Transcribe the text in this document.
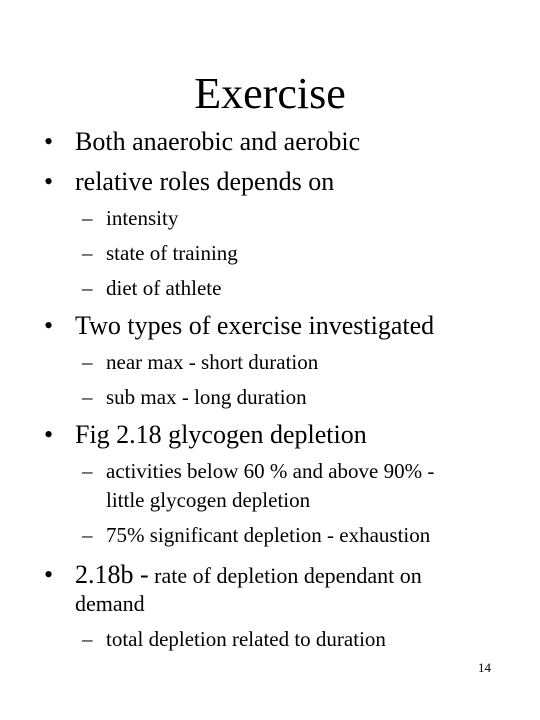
Exercise
• Both anaerobic and aerobic
• relative roles depends on
– intensity
– state of training
– diet of athlete
• Two types of exercise investigated
– near max - short duration
– sub max - long duration
• Fig 2.18 glycogen depletion
– activities below 60 % and above 90% -
little glycogen depletion
– 75% significant depletion - exhaustion
• 2.18b - rate of depletion dependant on
demand
– total depletion related to duration
14
